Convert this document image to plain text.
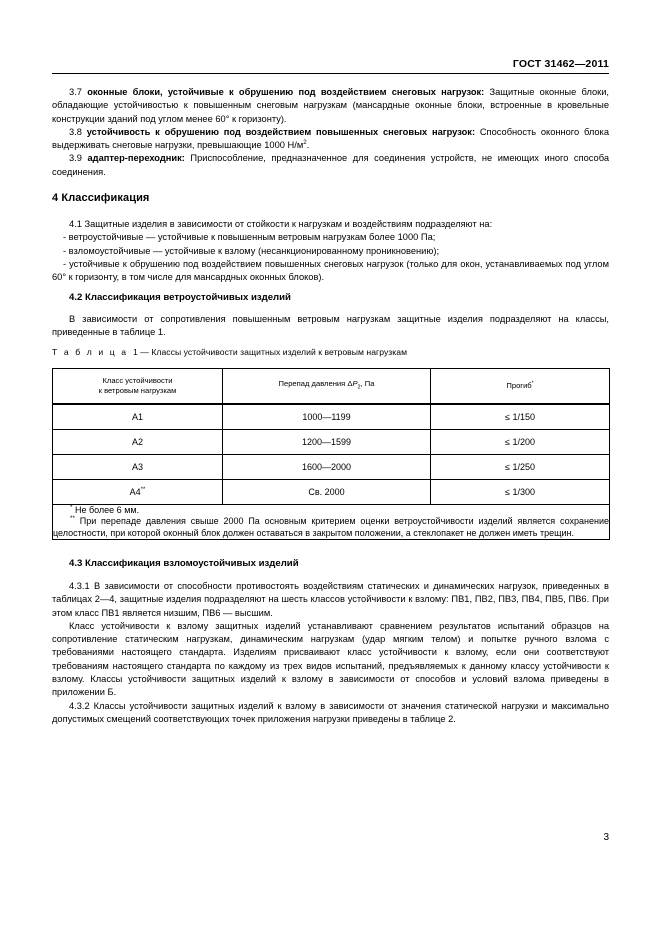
ГОСТ 31462—2011

3.7 оконные блоки, устойчивые к обрушению под воздействием снеговых нагрузок: Защитные оконные блоки, обладающие устойчивостью к повышенным снеговым нагрузкам (мансардные оконные блоки, встроенные в кровельные конструкции зданий под углом менее 60° к горизонту).

3.8 устойчивость к обрушению под воздействием повышенных снеговых нагрузок: Способность оконного блока выдерживать снеговые нагрузки, превышающие 1000 $Н/м^2$.

3.9 адаптер-переходник: Приспособление, предназначенное для соединения устройств, не имеющих иного способа соединения.

4 Классификация

4.1 Защитные изделия в зависимости от стойкости к нагрузкам и воздействиям подразделяют на:

- ветроустойчивые — устойчивые к повышенным ветровым нагрузкам более 1000 Па;

- взломоустойчивые — устойчивые к взлому (несанкционированному проникновению);

- устойчивые к обрушению под воздействием повышенных снеговых нагрузок (только для окон, устанавливаемых под углом 60° к горизонту, в том числе для мансардных оконных блоков).

4.2 Классификация ветроустойчивых изделий

В зависимости от сопротивления повышенным ветровым нагрузкам защитные изделия подразделяют на классы, приведенные в таблице 1.

Т а б л и ц а 1 — Классы устойчивости защитных изделий к ветровым нагрузкам
Класс устойчивости
к ветровым нагрузкам	Перепад давления $\Delta P_2$, Па	Прогиб*
А1	1000—1199	≤ 1/150
А2	1200—1599	≤ 1/200
А3	1600—2000	≤ 1/250
А4**	Св. 2000	≤ 1/300

* Не более 6 мм.

** При перепаде давления свыше 2000 Па основным критерием оценки ветроустойчивости изделий является сохранение целостности, при которой оконный блок должен оставаться в закрытом положении, а стеклопакет не должен иметь трещин.		

4.3 Классификация взломоустойчивых изделий

4.3.1 В зависимости от способности противостоять воздействиям статических и динамических нагрузок, приведенных в таблицах 2—4, защитные изделия подразделяют на шесть классов устойчивости к взлому: ПВ1, ПВ2, ПВ3, ПВ4, ПВ5, ПВ6. При этом класс ПВ1 является низшим, ПВ6 — высшим.

Класс устойчивости к взлому защитных изделий устанавливают сравнением результатов испытаний образцов на сопротивление статическим нагрузкам, динамическим нагрузкам (удар мягким телом) и попытке ручного взлома с требованиями настоящего стандарта. Изделиям присваивают класс устойчивости к взлому, если они соответствуют требованиям настоящего стандарта по каждому из трех видов испытаний, предъявляемых к данному классу устойчивости к взлому. Классы устойчивости защитных изделий к взлому в зависимости от способов и условий взлома приведены в приложении Б.

4.3.2 Классы устойчивости защитных изделий к взлому в зависимости от значения статической нагрузки и максимально допустимых смещений соответствующих точек приложения нагрузки приведены в таблице 2.

3
